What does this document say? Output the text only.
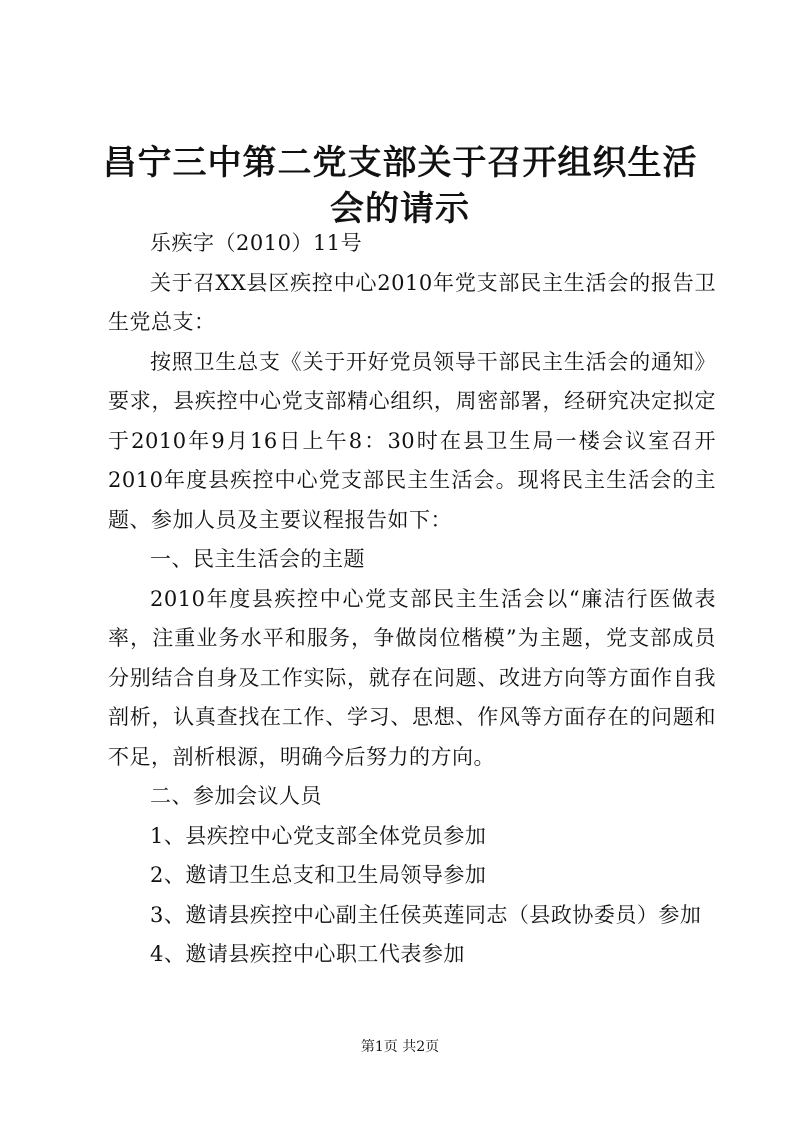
昌宁三中第二党支部关于召开组织生活会的请示

乐疾字（2010）11号

关于召XX县区疾控中心2010年党支部民主生活会的报告卫生党总支：

按照卫生总支《关于开好党员领导干部民主生活会的通知》要求，县疾控中心党支部精心组织，周密部署，经研究决定拟定于2010年9月16日上午8：30时在县卫生局一楼会议室召开2010年度县疾控中心党支部民主生活会。现将民主生活会的主题、参加人员及主要议程报告如下：

一、民主生活会的主题

2010年度县疾控中心党支部民主生活会以“廉洁行医做表率，注重业务水平和服务，争做岗位楷模”为主题，党支部成员分别结合自身及工作实际，就存在问题、改进方向等方面作自我剖析，认真查找在工作、学习、思想、作风等方面存在的问题和不足，剖析根源，明确今后努力的方向。

二、参加会议人员

1、县疾控中心党支部全体党员参加

2、邀请卫生总支和卫生局领导参加

3、邀请县疾控中心副主任侯英莲同志（县政协委员）参加

4、邀请县疾控中心职工代表参加

第1页 共2页
